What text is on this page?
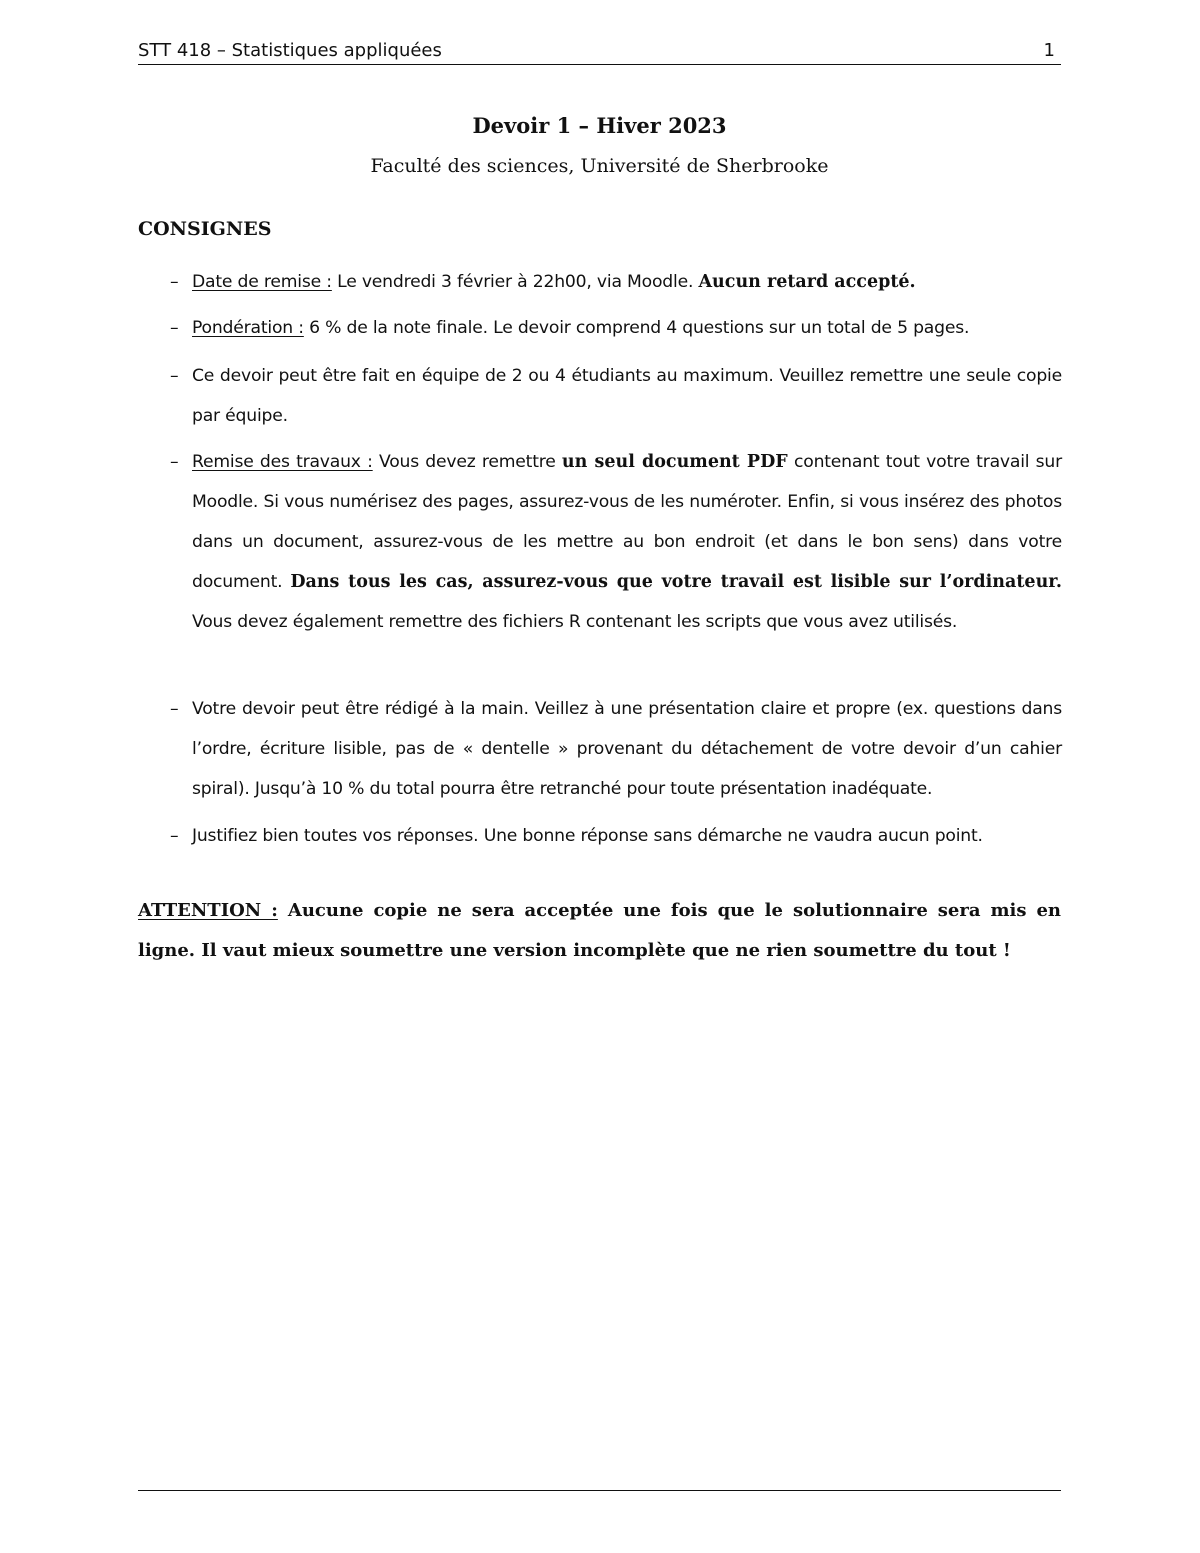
STT 418 – Statistiques appliquées	1
Devoir 1 – Hiver 2023
Faculté des sciences, Université de Sherbrooke
CONSIGNES
– Date de remise : Le vendredi 3 février à 22h00, via Moodle. Aucun retard accepté.
– Pondération : 6 % de la note finale. Le devoir comprend 4 questions sur un total de 5 pages.
– Ce devoir peut être fait en équipe de 2 ou 4 étudiants au maximum. Veuillez remettre une seule copie par équipe.
– Remise des travaux : Vous devez remettre un seul document PDF contenant tout votre travail sur Moodle. Si vous numérisez des pages, assurez-vous de les numéroter. Enfin, si vous insérez des photos dans un document, assurez-vous de les mettre au bon endroit (et dans le bon sens) dans votre document. Dans tous les cas, assurez-vous que votre travail est lisible sur l’ordinateur. Vous devez également remettre des fichiers R contenant les scripts que vous avez utilisés.
– Votre devoir peut être rédigé à la main. Veillez à une présentation claire et propre (ex. questions dans l’ordre, écriture lisible, pas de « dentelle » provenant du détachement de votre devoir d’un cahier spiral). Jusqu’à 10 % du total pourra être retranché pour toute présentation inadéquate.
– Justifiez bien toutes vos réponses. Une bonne réponse sans démarche ne vaudra aucun point.
ATTENTION : Aucune copie ne sera acceptée une fois que le solutionnaire sera mis en ligne. Il vaut mieux soumettre une version incomplète que ne rien soumettre du tout !
